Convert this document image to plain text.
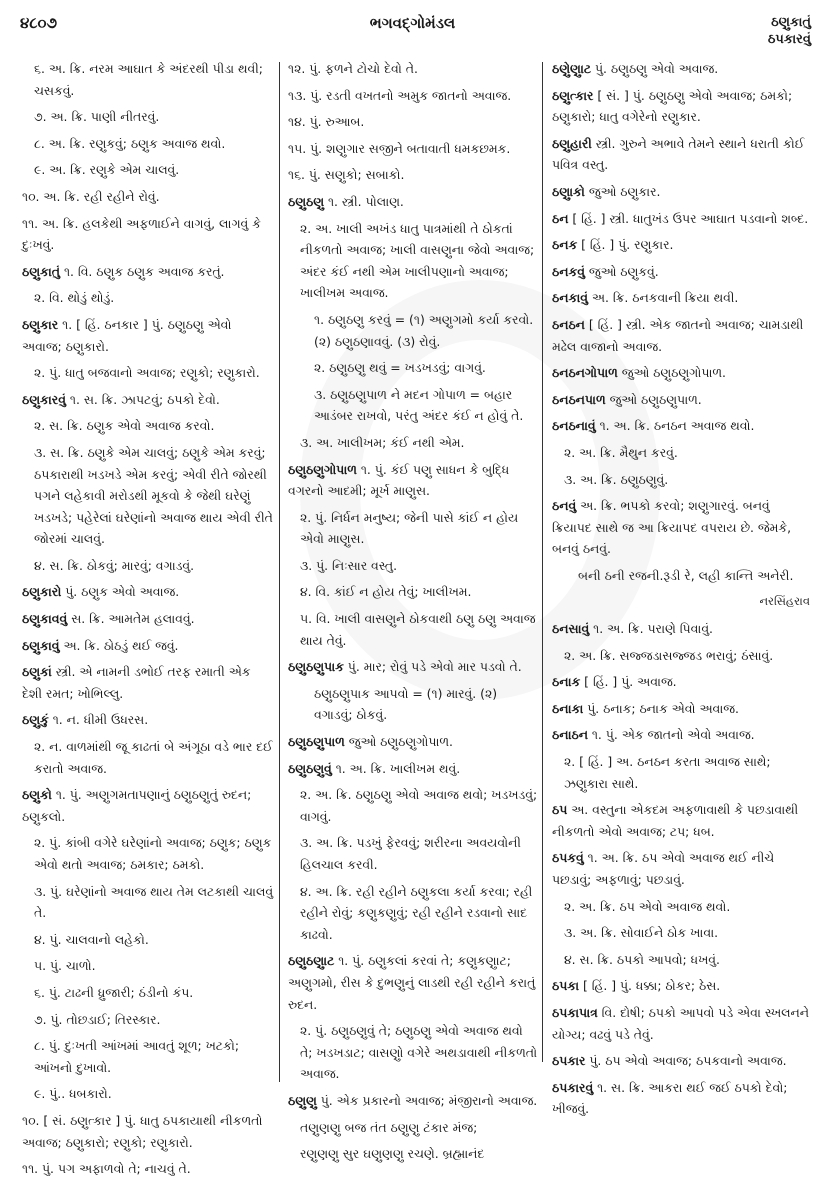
૪૮૦૭	ભગવદ્ગોમંડલ	ઠણુકાતું
ઠપકારવું
૬. અ. ક્રિ. નરમ આઘાત કે અંદરથી પીડા થવી; ચસકવું.
૭. અ. ક્રિ. પાણી નીતરવું.
૮. અ. ક્રિ. રણુકવું; ઠણુક અવાજ થવો.
૯. અ. ક્રિ. રણુકે એમ ચાલવું.
૧૦. અ. ક્રિ. રહી રહીને રોવું.
૧૧. અ. ક્રિ. હલકેથી અફળાઈને વાગવું, લાગવું કે દુઃખવું.
ઠણુકાતું ૧. વિ. ઠણુક ઠણુક અવાજ કરતું.
૨. વિ. થોડું થોડું.
ઠણુકાર ૧. [ હિં. ઠનકાર ] પું. ઠણુઠણુ એવો અવાજ; ઠણુકારો.
૨. પું. ધાતુ બજવાનો અવાજ; રણુકો; રણુકારો.
ઠણુકારવું ૧. સ. ક્રિ. ઝાપટવું; ઠપકો દેવો.
૨. સ. ક્રિ. ઠણુક એવો અવાજ કરવો.
૩. સ. ક્રિ. ઠણુકે એમ ચાલવું; ઠણુકે એમ કરવું; ઠપકારાથી ખડખડે એમ કરવું; એવી રીતે જોરથી પગને લહેકાવી મરોડથી મૂકવો કે જેથી ઘરેણું ખડખડે; પહેરેલાં ઘરેણાંનો અવાજ થાય એવી રીતે જોરમાં ચાલવું.
૪. સ. ક્રિ. ઠોકવું; મારવું; વગાડવું.
ઠણુકારો પું. ઠણુક એવો અવાજ.
ઠણુકાવવું સ. ક્રિ. આમતેમ હલાવવું.
ઠણુકાવું અ. ક્રિ. ઠોઠડું થઈ જવું.
ઠણુકાં સ્ત્રી. એ નામની ડભોઈ તરફ રમાતી એક દેશી રમત; ખોભિલ્લુ.
ઠણુકું ૧. ન. ધીમી ઉધરસ.
૨. ન. વાળમાંથી જૂ કાઢતાં બે અંગૂઠા વડે ભાર દઈ કરાતો અવાજ.
ઠણુકો ૧. પું. અણુગમતાપણાનું ઠણુઠણુતું રુદન; ઠણુકલો.
૨. પું. કાંબી વગેરે ઘરેણાંનો અવાજ; ઠણુક; ઠણુક એવો થતો અવાજ; ઠમકાર; ઠમકો.
૩. પું. ઘરેણાંનો અવાજ થાય તેમ લટકાથી ચાલવું તે.
૪. પું. ચાલવાનો લહેકો.
૫. પું. ચાળો.
૬. પું. ટાઢની ધ્રુજારી; ઠંડીનો કંપ.
૭. પું. તોછડાઈ; તિરસ્કાર.
૮. પું. દુઃખતી આંખમાં આવતું શૂળ; ખટકો; આંખનો દુખાવો.
૯. પું.. ધબકારો.
૧૦. [ સં. ઠણુત્કાર ] પું. ધાતુ ઠપકાયાથી નીકળતો અવાજ; ઠણુકારો; રણુકો; રણુકારો.
૧૧. પું. પગ અફાળવો તે; નાચવું તે.
૧૨. પું. ફળને ટોચો દેવો તે.
૧૩. પું. રડતી વખતનો અમુક જાતનો અવાજ.
૧૪. પું. રુઆબ.
૧૫. પું. શણુગાર સજીને બતાવાતી ધમકછમક.
૧૬. પું. સણુકો; સબાકો.
ઠણુઠણુ ૧. સ્ત્રી. પોલાણ.
૨. અ. ખાલી અખંડ ધાતુ પાત્રમાંથી તે ઠોકતાં નીકળતો અવાજ; ખાલી વાસણુના જેવો અવાજ; અંદર કંઈ નથી એમ ખાલીપણાનો અવાજ; ખાલીખમ અવાજ.
૧. ઠણુઠણુ કરવું = (૧) અણુગમો કર્યા કરવો. (૨) ઠણુઠણાવવું. (૩) રોવું.
૨. ઠણુઠણુ થવું = ખડખડવું; વાગવું.
૩. ઠણુઠણુપાળ ને મદન ગોપાળ = બહાર આડંબર રાખવો, પરંતુ અંદર કંઈ ન હોવું તે.
૩. અ. ખાલીખમ; કંઈ નથી એમ.
ઠણુઠણુગોપાળ ૧. પું. કંઈ પણુ સાધન કે બુદ્ધિ વગરનો આદમી; મૂર્ખ માણુસ.
૨. પું. નિર્ધન મનુષ્ય; જેની પાસે કાંઈ ન હોય એવો માણુસ.
૩. પું. નિઃસાર વસ્તુ.
૪. વિ. કાંઈ ન હોય તેવું; ખાલીખમ.
૫. વિ. ખાલી વાસણુને ઠોકવાથી ઠણુ ઠણુ અવાજ થાય તેવું.
ઠણુઠણુપાક પું. માર; રોવું પડે એવો માર પડવો તે.
ઠણુઠણુપાક આપવો = (૧) મારવું. (૨) વગાડવું; ઠોકવું.
ઠણુઠણુપાળ જુઓ ઠણુઠણુગોપાળ.
ઠણુઠણુવું ૧. અ. ક્રિ. ખાલીખમ થવું.
૨. અ. ક્રિ. ઠણુઠણુ એવો અવાજ થવો; ખડખડવું; વાગવું.
૩. અ. ક્રિ. પડખું ફેરવવું; શરીરના અવયવોની હિલચાલ કરવી.
૪. અ. ક્રિ. રહી રહીને ઠણુકલા કર્યા કરવા; રહી રહીને રોવું; કણુકણુવું; રહી રહીને રડવાનો સાદ કાઢવો.
ઠણુઠણુાટ ૧. પું. ઠણુકલાં કરવાં તે; કણુકણુાટ; અણુગમો, રીસ કે દુભણુનું લાડથી રહી રહીને કરાતું રુદન.
૨. પું. ઠણુઠણુવું તે; ઠણુઠણુ એવો અવાજ થવો તે; ખડખડાટ; વાસણુો વગેરે અથડાવાથી નીકળતો અવાજ.
ઠણુણુ પું. એક પ્રકારનો અવાજ; મંજીરાનો અવાજ.
તણુણણુ બજ તંત ઠણુણુ ટંકાર મંજ;
રણુણણુ સુર ઘણુણણુ રચણે. બ્રહ્માનંદ
ઠણુેણુાટ પું. ઠણુઠણુ એવો અવાજ.
ઠણુત્કાર [ સં. ] પું. ઠણુઠણુ એવો અવાજ; ઠમકો; ઠણુકારો; ધાતુ વગેરેનો રણુકાર.
ઠણુહારી સ્ત્રી. ગુરુને અભાવે તેમને સ્થાને ધરાતી કોઈ પવિત્ર વસ્તુ.
ઠણુાકો જુઓ ઠણુકાર.
ઠન [ હિં. ] સ્ત્રી. ધાતુખંડ ઉપર આઘાત પડવાનો શબ્દ.
ઠનક [ હિં. ] પું. રણુકાર.
ઠનકવું જુઓ ઠણુકવું.
ઠનકાવું અ. ક્રિ. ઠનકવાની ક્રિયા થવી.
ઠનઠન [ હિં. ] સ્ત્રી. એક જાતનો અવાજ; ચામડાથી મઢેલ વાજાનો અવાજ.
ઠનઠનગોપાળ જુઓ ઠણુઠણુગોપાળ.
ઠનઠનપાળ જુઓ ઠણુઠણુપાળ.
ઠનઠનાવું ૧. અ. ક્રિ. ઠનઠન અવાજ થવો.
૨. અ. ક્રિ. મૈથુન કરવું.
૩. અ. ક્રિ. ઠણુઠણુવું.
ઠનવું અ. ક્રિ. ભપકો કરવો; શણુગારવું. બનવું ક્રિયાપદ સાથે જ આ ક્રિયાપદ વપરાય છે. જેમકે, બનવું ઠનવું.
બની ઠની રજની.રૂડી રે, લહી કાન્તિ અનેરી.
નરસિંહરાવ
ઠનસાવું ૧. અ. ક્રિ. પરાણે પિવાવું.
૨. અ. ક્રિ. સજ્જડાસજ્જડ ભરાવું; ઠંસાવું.
ઠનાક [ હિં. ] પું. અવાજ.
ઠનાકા પું. ઠનાક; ઠનાક એવો અવાજ.
ઠનાઠન ૧. પું. એક જાતનો એવો અવાજ.
૨. [ હિં. ] અ. ઠનઠન કરતા અવાજ સાથે; ઝણુકારા સાથે.
ઠપ અ. વસ્તુના એકદમ અફળાવાથી કે પછડાવાથી નીકળતો એવો અવાજ; ટપ; ધબ.
ઠપકવું ૧. અ. ક્રિ. ઠપ એવો અવાજ થઈ નીચે પછડાવું; અફળાવું; પછડાવું.
૨. અ. ક્રિ. ઠપ એવો અવાજ થવો.
૩. અ. ક્રિ. સોવાઈને ઠોક ખાવા.
૪. સ. ક્રિ. ઠપકો આપવો; ધખવું.
ઠપકા [ હિં. ] પું. ધક્કા; ઠોકર; ઠેસ.
ઠપકાપાત્ર વિ. દોષી; ઠપકો આપવો પડે એવા સ્ખલનને યોગ્ય; વઢવું પડે તેવું.
ઠપકાર પું. ઠપ એવો અવાજ; ઠપકવાનો અવાજ.
ઠપકારવું ૧. સ. ક્રિ. આકરા થઈ જઈ ઠપકો દેવો; ખીજવું.
